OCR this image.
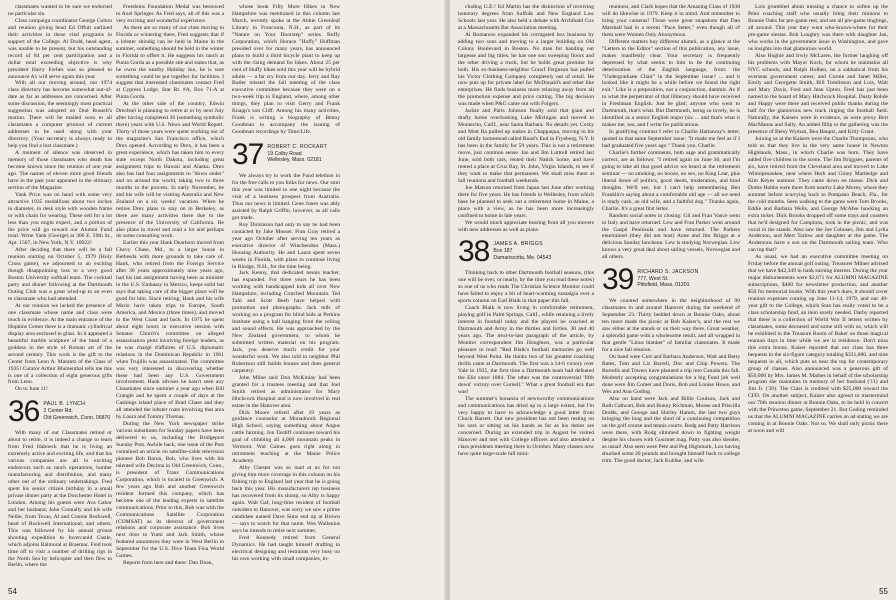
classmates wanted to be sure we endorsed no particular sin.

Class campaign coordinator George Colton and reunion giving head Ed Offutt outlined their activities in these vital programs in support of the College. Al Dodd, head agent, was unable to be present, but his outstanding record of 84 per cent participation and a dollar total exceeding objective is why president Harry Forbes was so pleased to announce A1 will serve again this year.

With all our moving around, our 1974 class directory has become somewhat out-of-date as far as addresses are concerned. After some discussion, the seemingly most practical suggestion was adopted on Dud Russell's motion. There will be mailed soon to all classmates a computer printout of current addresses to be used along with your directory. (Your secretary is always ready to help you find a lost classmate.)

A moment of silence was observed in memory of those classmates who death has become known since the reunion of one year ago. The names of eleven more good friends have in the past year appeared in the obituary section of the Magazine.

Yank Price was on hand with some very attractive 1935 medallions about two inches in diameter, in desk style with wooden frame or with chain for wearing. These sell for a lot less than you might expect, and a portion of the price will go toward our Alumni Fund total. Write Yank (George) at 300 E. 59th St., Apt. 1507, in New York, N.Y. 10022!

After deciding that there will be a fall reunion starting on October 5, 1979 (Holy Cross game), we adjourned to an exciting though disappointing loss to a very good Boston University softball team. The cocktail party and dinner following at the Dartmouth Outing Club was a great wind-up to an even to classmate who had attended.

At our reunion we lacked the presence of one classmate whose name and class were much in evidence. At the main entrance of the Hopkins Center there is a dramatic cylindrical display area enclosed in glass. In it appeared a beautiful marble sculpture of the head of a goddess in the style of Roman art of the second century. This work is the gift to the Center from Leon A. Marantz of the Class of 1935! Curator Arthur Blumenthal tells me this is one of a collection of eight generous gifts from Leon.

On to June 11!

36 PAUL B. LYNCH
2 Center Rd.
Old Greenwich, Conn. 06870

With many of our Classmates retired or about to retire, it is indeed a change to learn from Fred Haboeck that he is living an extremely active and exciting life, and that his various companies are all in exciting endeavors such as ranch operations, lumber manufacturing and distribution, and many other out of the ordinary undertakings. Fred spent his senior citizen birthday in a small private dinner party at the Dorchester Hotel in London. Among his guests were Ava Gabor and her husband, John Connally and his wife Nellie, from Texas, Al and Connie Rockwell, head of Rockwell International, and others. This was followed by his annual grouse shooting expedition to Invercauld Castle, which adjoins Balmoral at Braemar. Fred took time off to visit a number of drilling rigs in the North Sea by helicopter and then flew to Berlin, where the

Freedoms Foundation Medal was bestowed to Axel Springer. As Fred says, all of this was a very exciting and wonderful experience.

As there are so many of our class moving to Florida or wintering there, Fred suggests that if a lobster shindig can be held in Maine in the summer, something should be held in the winter in Florida to offset it. He suggests his ranch at Punta Gorda as a possible site and states that, as he owns the nearby Holiday Inn, he is sure something could be put together for facilities. I suggest that interested classmates contact Fred at Cypress Lodge, Star Rt. #A, Box 71-A at Punta Gorda.

At the other side of the country, Edwin Drechsel is planning to retire at or by next July after having completed 36 (something symbolic there) years with U.S. News and World Report. Thirty of those years were spent working out of the magazine's San Francisco office, which Drex opened. According to Drex, it has been a great experience, which has taken him to every state except North Dakota, including great assignment trips to Hawaii and Alaska. Drex also has had four assignments to "down under" and on around the world, taking two to three months in the process. In early November, he and his wife will be visiting Australia and New Zealand on a six weeks' vacation. When he retires Drex plans to stay on in Berkeley, as there are many activities there due to the presence of the University of California. He also plans to travel and read a lot and perhaps do some consulting work.

Earlier this year Hank Dearborn moved from Chevy Chase, Md., to a larger house in Bethesda with more grounds to take care of. Hank, who retired from the Foreign Service after 30 years approximately nine years ago, had his last assignment having been as minister in the U.S. Embassy in Mexico, keeps solid but says that taking care of the bigger place will be good for him. Since retiring, Hank and his wife Mario have taken trips to Europe, South America, and Mexico (three times), and moved to the West Coast and back. In 1975 he spent about eight hours in executive session with Senator Church's committee on alleged assassination plots involving foreign leaders, as he was chargé d'affaires of U.S. diplomatic relations in the Dominican Republic in 1961 when Trujillo was assassinated. The committee was very interested in discovering whether these had been any U.S. Government involvement. Hank advises he hasn't seen any Classmates since summer a year ago when Bill Crangle and he spent a couple of days at the Cashings island place of Brad Chase and they all attended the lobster roast involving that area by Laura and Tommy Thomas.

During the New York newspaper strike various substitutes for Sunday papers have been delivered to us, including the Bridgeport Sunday Post. Awhile back, one issue of the Post contained an article on satellite-cable television pioneer Bob Baron, Bob, who lives with his talented wife Decima in Old Greenwich, Conn., is president of Trans Communications Corporation, which is located in Greenwich. A few years ago Bob and another Greenwich resident formed this company, which has become one of the leading experts in satellite communications. Prior to this, Bob was with the Communications Satellite Corporation (COMSAT) as its director of government relations and corporate assistance. Bob lives next door to Yumi and Jack Smith, whose featured announces they were in West Berlin in September for the U.S. Dive Team Fina World Games.

Reports from here and there: Dan Doan,

whose book Fifty More Hikes in New Hampshire was mentioned in this column last March, recently spoke at the Abbie Greenleaf Library in Franconia, N.H., as part of its "Nature on Your Doorstep" series. Buffy Corporation, which Horace "Huffy" Huffman presided over for many years, has announced plans to build a third bicycle plant to keep up with the rising demand for bikes. About 25 per cent of Huffy bikes sold this year will be hybrid adults — a far cry from our day. Jerry and Ray Butler missed the fall meeting of the class executive committee because they were on a two-week trip to England, where, among other things, they plan to visit Gerry and Frank Knapp's son Cliff. Among his many activities, Frank is writing a biography of Benny Goodman to accompany the issuing of Goodman recordings by Time/Life.

37 ROBERT C. ROCKART
19 Colby Road
Wellesley, Mass. 02181

We always try to work the Fund telethon in for the free calls to you folks for news. Our stint this year was limited to one night because the visit of a business prospect from Australia. Thus our news is limited. Gene Jones was ably assisted by Ralph Griffin, however, as all calls got made.

Roy Dickinson had only to say he had been contacted by Jake Mosser. Fran Gray retired a year ago October after serving ten years as executive director of Winchendon (Mass.) Housing Authority. He and Laura spent seven weeks in Florida, with plans to continue living in Rindge, N.H., for the time being.

Jack Kenny, that dedicated tennis teacher, has expanded. For three years he has been working with handicapped kids all over New Hampshire, including Crotched Mountain. Ted Tahl and Scott Beeb have helped with promotion and photographs. Jack tells of working on a program for blind kids at Perkins Institute using a ball hanging from the ceiling and sound effects. He was approached by the New Zealand government, to whom he submitted written material on his program. Jack, you deserve much credit for your wonderful work. We also told to neighbor Phil Robertson still builds houses and does general carpentry.

John Milne said Don McKinlay had been granted for a trustees meeting and that Joel Smith retired as administrator for Mary Hitchcock Hospital and is now involved in real estate in the Hanover area.

Dick Moore retired after 19 years as guidance counselor at Monadnock Regional High School, saying something about Angus cattle farming. Jon Tardiff continues toward his goal of climbing all 4,000 mountain peaks in Vermont. Wal Gaines goes right along in retirement teaching at the Maine Police Academy.

Alby Chester was so mad at us for not giving him more coverage in this column on his fishing trip to England last year that he is going back this year. His manufacturers rep business has recovered from its slump, so Alby is happy again. Walt Gaf, long-time resident of football outsiders to Hanover, was sorry we saw a prime candidate named Dave Sims end up at Brown — says to watch for that name. Wes Wallenius says he intends to retire next summer.

Fred Kennedy retired from General Dynamics. He had taught himself drafting in electrical designing and restraints very busy on his own working with small companies, in-

54

cluding G.E.! Ed Martin has the distinction of receiving honorary degrees from Suffolk and New England Law Schools last year. He also held a debate with Archibald Cox at a Massachusetts Bar Association meeting.

Al Romanow expanded his corrugated box business by adding two sons and moving to a larger building on Old Colony Boulevard in Boston. No man for handing out largesse and big titles, he has one son sweeping floors and the other driving a truck, but he holds great promise for both. His ex-business-neighbor Crawf Ferguson has pulled his Victor Clothing Company completely out of retail. He now puts up for private label for McDonald's and other like enterprises. He finds business more relaxing away from all the promotion expense and price cutting. The big decision was made when P&G came out with Folgers.

Jackie and Paris Johnson finally sold that giant and drafty home overlooking Lake Michigan and moved to Montecito, Calif., near Santa Barbara. No details yet. Corky and Mutt Ra pulled up stakes in Chappaqua, moving to his old family homestead called Road's End in Fryeburg, N.Y. It has been in the family for 59 years. This is not a retirement move, just common sense. Jan and Jim Luttrell retired last June, sold both cars, rented their Natick home, and have rented a place at Cruz Bay, St. John, Virgin Islands, to see if they want to make that permanent. We shall miss them at fall reunions and football weekends.

Joe Matson returned from Japan last June after working there for five years. He has friends in Wellesley, from which base he planned to seek out a retirement home in Maine, a place with a view, as he has been more increasingly confined to home in late years.

We would much appreciate hearing from all you movers with new addresses as well as plans.

38 JAMES A. BRIGGS
Box 187
Damariscotta, Me. 04543

Thinking back to other Dartmouth football seasons, (this one will be over, or nearly, by the time you read these notes) so one of us who reads The Christian Science Monitor could have failed to enjoy a bit of heart-warming nostalgia over a sports column on Earl Blaik in that paper this fall.

Coach Blaik is now living in comfortable retirement, playing golf in Palm Springs, Calif., while retaining a lively interest in football today and the players he coached at Dartmouth and Army in the thirties and forties. 30 and 40 years ago. The next-to-last paragraph of the article, by Monitor correspondent Jim Houghton, was a particular pleasure to read: "Red Blaik's football memories go well beyond West Point. He thinks two of his greatest coaching thrills came at Dartmouth. The first was a 14-6 victory over Yale in 1935, the first time a Dartmouth team had defeated the Elis since 1884. The other was the controversial 'fifth down' victory over Cornell." What a great football era that was!

The summer's bonanza of newsworthy communications and communications has dried up to a large extent, but I'm very happy to have to acknowledge a good letter from Chuck Barrett. Our new president has not been resting on his oars or sitting on his hands as far as his duties are concerned. During an extended trip in August he visited Hanover and met with College officers and also attended a class presidents meeting there in October. Many classes now have quite large-scale fall mini-

reunions, and Clark hopes that the Amazing Class of 1938 will do likewise in 1979. Keep it in mind. And remember to bring your cameras! Those were great snapshots that Dan Marshall had in a recent "Pace Setter," even though all of them were Women Only Anonymous.

Different matters buy different alumni, as a glance at the "Letters to the Editor" section of this publication, any issue, makes manifestly clear. Your secretary is frequently depressed by what seems to him to be the continuing deterioration of the English language, from: the "Undergraduate Chair" in the September issue? ... and it looked like it might be a while before we found the right exit." Like is a preposition, not a conjunction, dammit. As if to what the perpetrator of that illiteracy should have received in Freshman English. Just be glad; anyone who went to Dartmouth, that's what. But Dartmouth, being so lovely, he is identified as a senior English major (sic ... and that's what it makes me, too, and I write for publications.

In gratifying contrast I refer to Charlie Hathaway's letter, quoted in that same September issue: "It made me feel as if I had graduated five years ago." Thank you, Charlie.

Charlie's further comments, both sage and grammatically correct, are as follows: "I retired again on June 30, and I'm going to take all that good advice we heard at the retirement seminar — no smoking, no booze, no sex, no King Lear, plus liberal doses of politics, good deeds, moderation, and kind thoughts. We'll see, but I can't help remembering Ben Franklin's saying about a comfortable old age — all we need is ready cash, an old wife, and a faithful dog." Thanks again, Charlie. It's a great first letter.

Random social notes in closing: Gil and Fran Vance went to Italy and have returned. Lew and Fran Parker went around the Gaspé Peninsula and have returned. The Parkers entertained (they did not host) Anne and Jim Briggs at a delicious Sunday luncheon. Lew is studying Norwegian. Lew knows a very great deal about sailing vessels, Norwegian and all others.

39 RICHARD S. JACKSON
777, West St.
Pittsfield, Mass. 01201

We counted somewhere in the neighborhood of 90 classmates in and around Hanover during the weekend of September 23. Thirty bedded down at Bonnie Oaks, about ten more made the picnic at Bob Kaiser's, and the rest we saw either at the stands or on their way there. Great weather, a splendid game with a wholesome result, and all wrapped in that gentle "Linus blanket" of familiar classmates. It made for a nice fall reunion.

On hand were Curt and Barbara Anderson, Walt and Betty Bates, Tom and Liz Barrell, Doc and Chip Powers. The Burrells and Towers have planned a trip into Canada this fall. Modestly accepting congratulations for a big Fund job well done were Jim Comer and Doris, Bob and Louise Howe, and Wes and Ann Goding.

Also on hand were Jack and Billie Coulson, Jack and Ruth Cathcart, Bob and Bunny Richman, Moose and Priscilla Dodds, and George and Shirley Hamm, the last two guys bringing the long and the short of a continuing competition on the golf course and tennis courts. Rodg and Patty Harrison were there, with Rodg slimmed down to fighting weight despite his chores with Gourmet mag. Patty was also slender, as usual! Also seen were Pete and Peg Highmark, Lou having shucked some 20 pounds and brought himself back to college trim. The good doctor, Jack Kuhlke, and wife

Lois grumbled about missing a chance to soften up the Penn coaching staff who usually bring their minions to Bonnie Oaks for pre-game rest, and are all pre-game tinglings, all around. This year they went who-knows-where for their pre-game siestas. Bob Loughry was there with daughter Jan, who works in the government issue in Washington, and gave us insights into that glamorous world.

Also Hughie and Irwly McLaren, the former laughing off his problems with Mayor Koch, for whom he maintains all NYC schools, and Ralph Holben, on a sabbatical from his overseas government career, and Cornie and Janet Miller, Emily and Georgette Smith, Bill Tomlinson and Lois, Walt and Mary Davis, Fred and Jean Upton. Fred has just been named to the board of Mary Hitchcock Hospital. Dusty Rohde and Happy were there and received public thanks during the half for the glamorous new track ringing the football field. Naturally, the Kaisers were in evidence, as were prexy Bert MacManus and Sally. An added fillip to the gathering was the presence of Betsy Wyman, Bea Hauptz, and Kitty Grant.

Joining us at the Kaisers were the Charlie Thompsons, who told us that they live in the very same house in Newton Highlands, Mass., in which Charlie was born. They have added five children to the scene. The Jim Briggses, parents of six, have retired from the Cleveland area and moved to Lake Winnipesaukee, near where Herb and Ginny Mattledge and Kim Keyes summer. They came down en masse. Dick and Dottie Hobbs were there from nearby Lake Morey, where they summer before scurrying back to Pompano Beach, Fla., for the cold months. Seen walking to the game were Tom Brooks, Eddie and Barbara Wells, and George McAfee hawking an extra ticket. Dick Brooks dropped off some trays and coasters that he'd designed for Campions, took in the picnic, and was vocal in the stands. Also saw the Joe Cobuses, Jim and Lydia Anderson, and Mert Tarlow and daughter at the game. The Andersons have a son on the Dartmouth sailing team. Who can top that?

As usual, we had an executive committee meeting on Friday before the annual golf outing. Treasurer Milner advised that we have $42,349 in bank earning interest. During the year major disbursements were $2,671 for ALUMNI MAGAZINE subscriptions, $400 for newsletter production, and another $50 for memorial books. With this year's dues, it should cover reunion expenses coming up June 11-14, 1979, and our 40-year gift to the College, which Stan has really voted to be a class scholarship fund, an item sorely needed. Darby reported that there is a collection of World War II letters written by classmates, some deceased and some still with us, which will be exhibited in the Treasure Room of Baker on those magical reunion days in time while we are in residence. Don't miss this extra bonus. Kaiser reported that our class has three bequests in the six-figure category totaling $331,000, and nine bequests in all, which puts us near the top for contemporary group of classes. Also announced was a generous gift of $50,000 by Mrs. James M. Mathes in behalf of the scholarship program she maintains in memory of her husband ('11) and Jim Jr. ('39). The Class is credited with $25,000 toward the CFD. On another subject, Kaiser also agreed to mastermind our 70th reunion dinner at Bonnie Oaks, to be held in concert with the Princeton game, September 21. But Goding reminded us that the ALUMNI MAGAZINE carries an ad stating we are coming in at Bonnie Oaks. Not so. We shall only picnic there at noon and will

55
